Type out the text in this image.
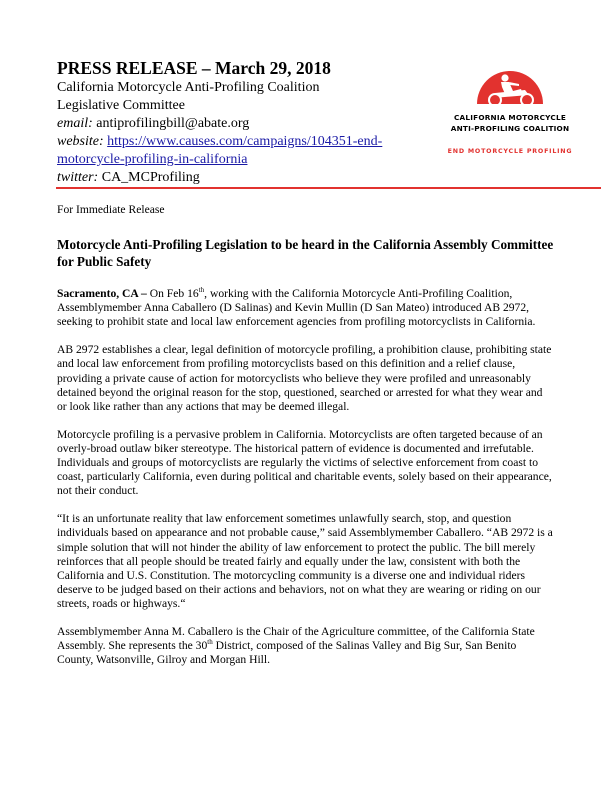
PRESS RELEASE – March 29, 2018
California Motorcycle Anti-Profiling Coalition
Legislative Committee
email: antiprofilingbill@abate.org
website: https://www.causes.com/campaigns/104351-end-
motorcycle-profiling-in-california
twitter: CA_MCProfiling
CALIFORNIA MOTORCYCLE
ANTI-PROFILING COALITION
END MOTORCYCLE PROFILING

For Immediate Release

Motorcycle Anti-Profiling Legislation to be heard in the California Assembly Committee for Public Safety

Sacramento, CA – On Feb 16th, working with the California Motorcycle Anti-Profiling Coalition, Assemblymember Anna Caballero (D Salinas) and Kevin Mullin (D San Mateo) introduced AB 2972, seeking to prohibit state and local law enforcement agencies from profiling motorcyclists in California.

AB 2972 establishes a clear, legal definition of motorcycle profiling, a prohibition clause, prohibiting state and local law enforcement from profiling motorcyclists based on this definition and a relief clause, providing a private cause of action for motorcyclists who believe they were profiled and unreasonably detained beyond the original reason for the stop, questioned, searched or arrested for what they wear and or look like rather than any actions that may be deemed illegal.

Motorcycle profiling is a pervasive problem in California. Motorcyclists are often targeted because of an overly-broad outlaw biker stereotype. The historical pattern of evidence is documented and irrefutable. Individuals and groups of motorcyclists are regularly the victims of selective enforcement from coast to coast, particularly California, even during political and charitable events, solely based on their appearance, not their conduct.

“It is an unfortunate reality that law enforcement sometimes unlawfully search, stop, and question individuals based on appearance and not probable cause,” said Assemblymember Caballero. “AB 2972 is a simple solution that will not hinder the ability of law enforcement to protect the public. The bill merely reinforces that all people should be treated fairly and equally under the law, consistent with both the California and U.S. Constitution. The motorcycling community is a diverse one and individual riders deserve to be judged based on their actions and behaviors, not on what they are wearing or riding on our streets, roads or highways.“

Assemblymember Anna M. Caballero is the Chair of the Agriculture committee, of the California State Assembly. She represents the 30th District, composed of the Salinas Valley and Big Sur, San Benito County, Watsonville, Gilroy and Morgan Hill.
